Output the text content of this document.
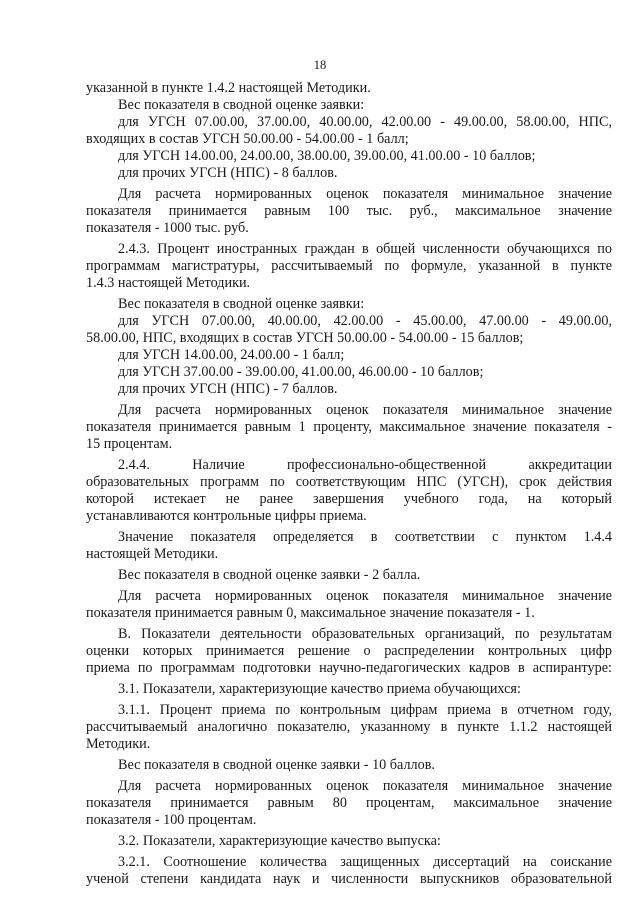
18
указанной в пункте 1.4.2 настоящей Методики.
Вес показателя в сводной оценке заявки:
для УГСН 07.00.00, 37.00.00, 40.00.00, 42.00.00 - 49.00.00, 58.00.00, НПС,
входящих в состав УГСН 50.00.00 - 54.00.00 - 1 балл;
для УГСН 14.00.00, 24.00.00, 38.00.00, 39.00.00, 41.00.00 - 10 баллов;
для прочих УГСН (НПС) - 8 баллов.
Для расчета нормированных оценок показателя минимальное значение
показателя принимается равным 100 тыс. руб., максимальное значение
показателя - 1000 тыс. руб.
2.4.3. Процент иностранных граждан в общей численности обучающихся по
программам магистратуры, рассчитываемый по формуле, указанной в пункте
1.4.3 настоящей Методики.
Вес показателя в сводной оценке заявки:
для УГСН 07.00.00, 40.00.00, 42.00.00 - 45.00.00, 47.00.00 - 49.00.00,
58.00.00, НПС, входящих в состав УГСН 50.00.00 - 54.00.00 - 15 баллов;
для УГСН 14.00.00, 24.00.00 - 1 балл;
для УГСН 37.00.00 - 39.00.00, 41.00.00, 46.00.00 - 10 баллов;
для прочих УГСН (НПС) - 7 баллов.
Для расчета нормированных оценок показателя минимальное значение
показателя принимается равным 1 проценту, максимальное значение показателя -
15 процентам.
2.4.4. Наличие профессионально-общественной аккредитации
образовательных программ по соответствующим НПС (УГСН), срок действия
которой истекает не ранее завершения учебного года, на который
устанавливаются контрольные цифры приема.
Значение показателя определяется в соответствии с пунктом 1.4.4
настоящей Методики.
Вес показателя в сводной оценке заявки - 2 балла.
Для расчета нормированных оценок показателя минимальное значение
показателя принимается равным 0, максимальное значение показателя - 1.
В. Показатели деятельности образовательных организаций, по результатам
оценки которых принимается решение о распределении контрольных цифр
приема по программам подготовки научно-педагогических кадров в аспирантуре:
3.1. Показатели, характеризующие качество приема обучающихся:
3.1.1. Процент приема по контрольным цифрам приема в отчетном году,
рассчитываемый аналогично показателю, указанному в пункте 1.1.2 настоящей
Методики.
Вес показателя в сводной оценке заявки - 10 баллов.
Для расчета нормированных оценок показателя минимальное значение
показателя принимается равным 80 процентам, максимальное значение
показателя - 100 процентам.
3.2. Показатели, характеризующие качество выпуска:
3.2.1. Соотношение количества защищенных диссертаций на соискание
ученой степени кандидата наук и численности выпускников образовательной
